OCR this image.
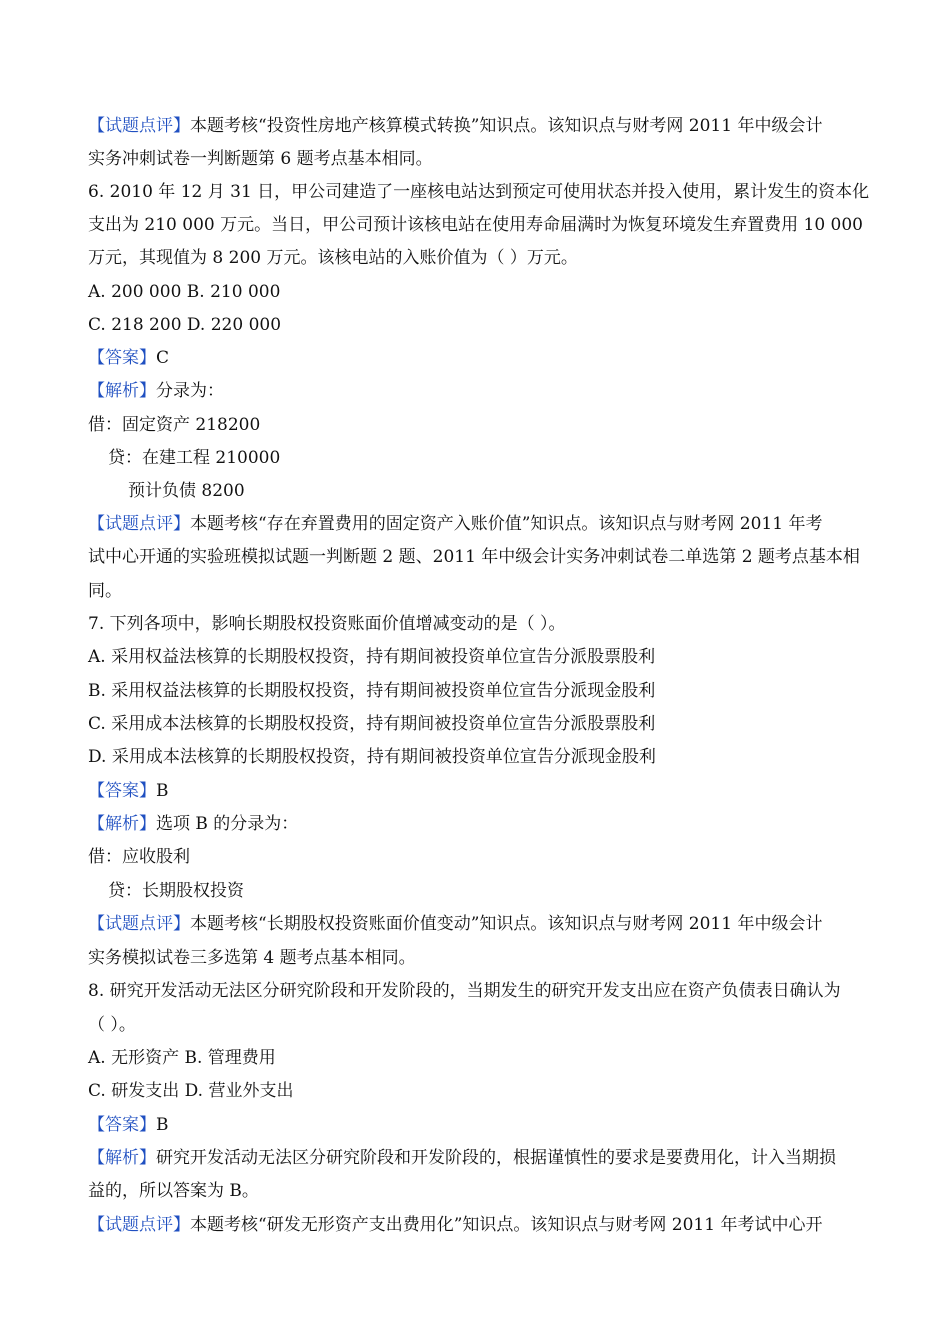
【试题点评】本题考核“投资性房地产核算模式转换”知识点。该知识点与财考网 2011 年中级会计
实务冲刺试卷一判断题第 6 题考点基本相同。
6. 2010 年 12 月 31 日，甲公司建造了一座核电站达到预定可使用状态并投入使用，累计发生的资本化
支出为 210 000 万元。当日，甲公司预计该核电站在使用寿命届满时为恢复环境发生弃置费用 10 000
万元，其现值为 8 200 万元。该核电站的入账价值为（ ）万元。
A. 200 000 B. 210 000
C. 218 200 D. 220 000
【答案】C
【解析】分录为：
借：固定资产 218200
贷：在建工程 210000
预计负债 8200
【试题点评】本题考核“存在弃置费用的固定资产入账价值”知识点。该知识点与财考网 2011 年考
试中心开通的实验班模拟试题一判断题 2 题、2011 年中级会计实务冲刺试卷二单选第 2 题考点基本相
同。
7. 下列各项中，影响长期股权投资账面价值增减变动的是（ ）。
A. 采用权益法核算的长期股权投资，持有期间被投资单位宣告分派股票股利
B. 采用权益法核算的长期股权投资，持有期间被投资单位宣告分派现金股利
C. 采用成本法核算的长期股权投资，持有期间被投资单位宣告分派股票股利
D. 采用成本法核算的长期股权投资，持有期间被投资单位宣告分派现金股利
【答案】B
【解析】选项 B 的分录为：
借：应收股利
贷：长期股权投资
【试题点评】本题考核“长期股权投资账面价值变动”知识点。该知识点与财考网 2011 年中级会计
实务模拟试卷三多选第 4 题考点基本相同。
8. 研究开发活动无法区分研究阶段和开发阶段的，当期发生的研究开发支出应在资产负债表日确认为
（ ）。
A. 无形资产 B. 管理费用
C. 研发支出 D. 营业外支出
【答案】B
【解析】研究开发活动无法区分研究阶段和开发阶段的，根据谨慎性的要求是要费用化，计入当期损
益的，所以答案为 B。
【试题点评】本题考核“研发无形资产支出费用化”知识点。该知识点与财考网 2011 年考试中心开
